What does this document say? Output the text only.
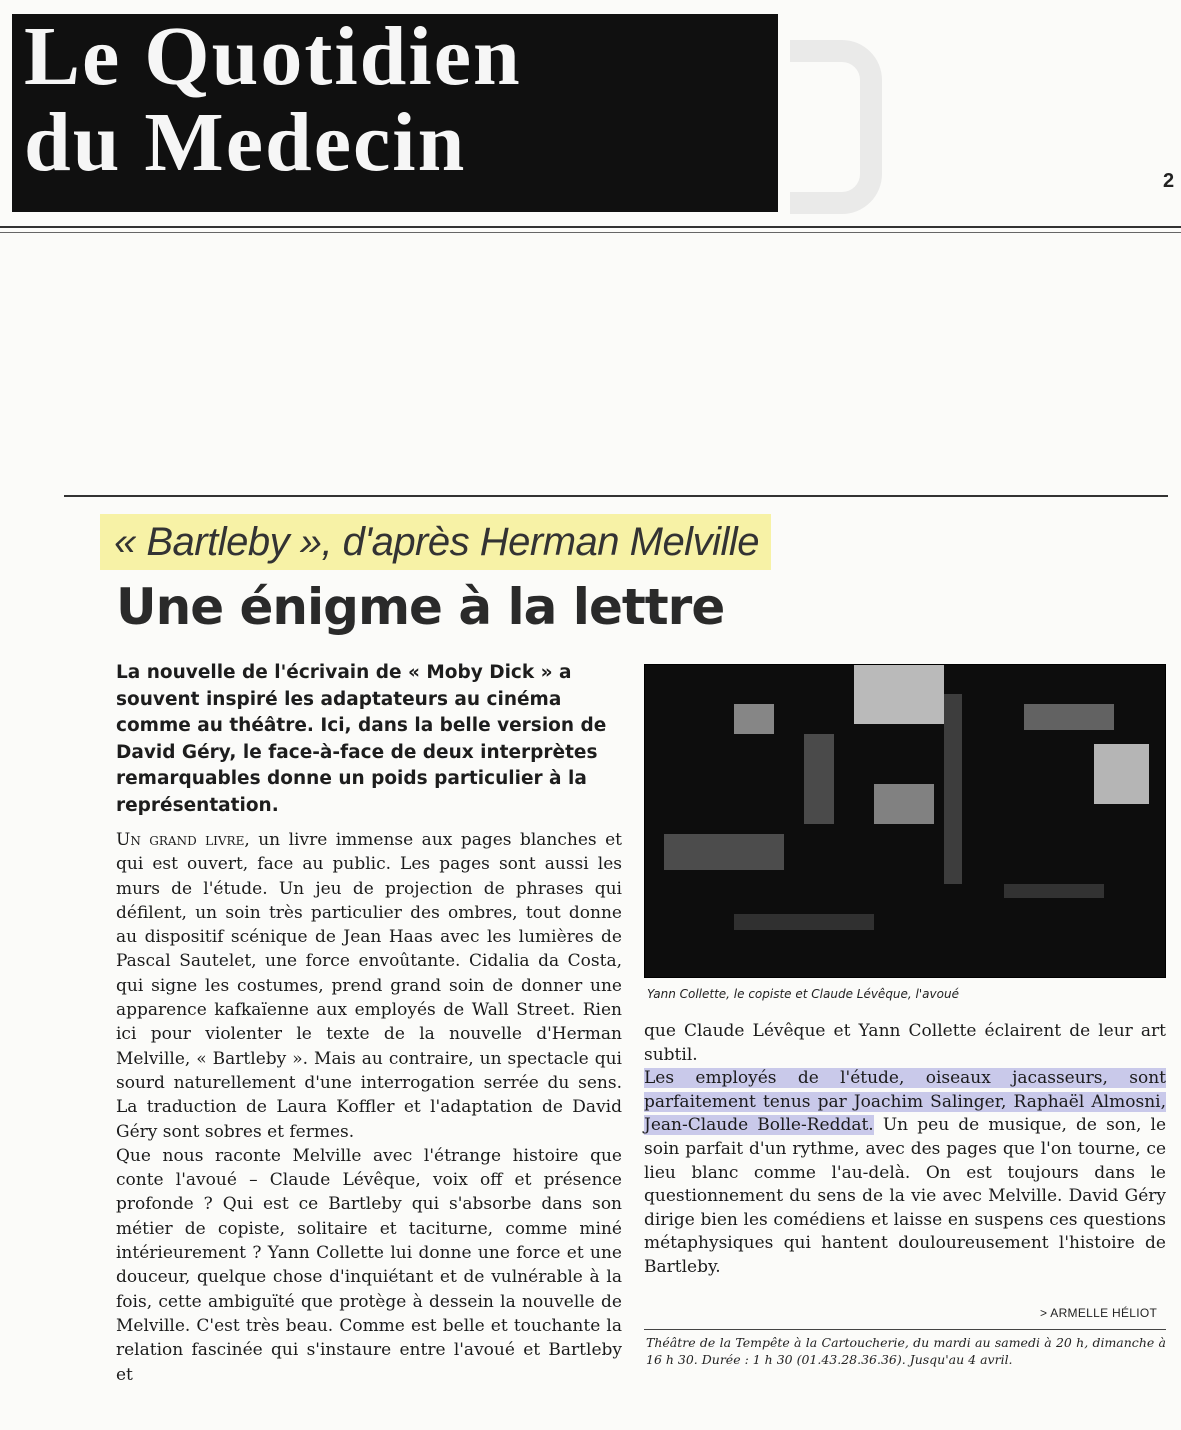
Le Quotidien
du Medecin	2
« Bartleby », d'après Herman Melville
Une énigme à la lettre
La nouvelle de l'écrivain de « Moby Dick » a souvent inspiré les adaptateurs au cinéma comme au théâtre. Ici, dans la belle version de David Géry, le face-à-face de deux interprètes remarquables donne un poids particulier à la représentation.

Un grand livre, un livre immense aux pages blanches et qui est ouvert, face au public. Les pages sont aussi les murs de l'étude. Un jeu de projection de phrases qui défilent, un soin très particulier des ombres, tout donne au dispositif scénique de Jean Haas avec les lumières de Pascal Sautelet, une force envoûtante. Cidalia da Costa, qui signe les costumes, prend grand soin de donner une apparence kafkaïenne aux employés de Wall Street. Rien ici pour violenter le texte de la nouvelle d'Herman Melville, « Bartleby ». Mais au contraire, un spectacle qui sourd naturellement d'une interrogation serrée du sens. La traduction de Laura Koffler et l'adaptation de David Géry sont sobres et fermes.

Que nous raconte Melville avec l'étrange histoire que conte l'avoué – Claude Lévêque, voix off et présence profonde ? Qui est ce Bartleby qui s'absorbe dans son métier de copiste, solitaire et taciturne, comme miné intérieurement ? Yann Collette lui donne une force et une douceur, quelque chose d'inquiétant et de vulnérable à la fois, cette ambiguïté que protège à dessein la nouvelle de Melville. C'est très beau. Comme est belle et touchante la relation fascinée qui s'instaure entre l'avoué et Bartleby et

Yann Collette, le copiste et Claude Lévêque, l'avoué

que Claude Lévêque et Yann Collette éclairent de leur art subtil.

Les employés de l'étude, oiseaux jacasseurs, sont parfaitement tenus par Joachim Salinger, Raphaël Almosni, Jean-Claude Bolle-Reddat. Un peu de musique, de son, le soin parfait d'un rythme, avec des pages que l'on tourne, ce lieu blanc comme l'au-delà. On est toujours dans le questionnement du sens de la vie avec Melville. David Géry dirige bien les comédiens et laisse en suspens ces questions métaphysiques qui hantent douloureusement l'histoire de Bartleby.

> ARMELLE HÉLIOT
Théâtre de la Tempête à la Cartoucherie, du mardi au samedi à 20 h, dimanche à 16 h 30. Durée : 1 h 30 (01.43.28.36.36). Jusqu'au 4 avril.
